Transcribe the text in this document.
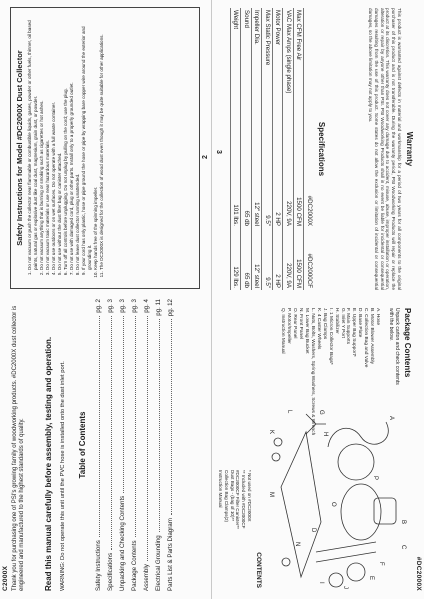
C2000X Thank you for purchasing one of PSI's growing family of woodworking products. #DC2000X dust collector is engineered and manufactured to the highest standards of quality. Read this manual carefully before assembly, testing and operation. WARNING: Do not operate this unit until the PVC hose is installed onto the dust inlet port. Table of Contents
Safety Instructions
pg. 2
Specifications
pg. 3
Unpacking and Checking Contents
pg. 3
Package Contents
pg. 3
Assembly
pg. 4
Electrical Grounding
pg. 11
Parts List & Parts Diagram
pg. 12
Safety Instructions for Model #DC2000X Dust Collector 1. Do not vacuum or push the collector near flammable or combustible liquids, gases, powder or other fuels, thinner, oil based paints, natural gas or explosive dust like coal dust, magnesium, grain dust, or powder. 2. Do not vacuum anything that is burning or smoking such as cigarettes or hot ashes. 3. Do not vacuum toxic materials or use near hazardous materials. 4. Do not use outdoors or on wet surfaces. Do not operate with a full waste container. 5. Do not use without the dust filter bag or canister attached. 6. Turn off all controls before unplugging. Do not unplug by pulling on the cord; use the plug. 7. Do not use with damaged cord, plug or other parts. Install only to a properly grounded outlet. 8. Do not leave dust collector running unattended. 9. If your cord has only plastic, hose or pipe ground the hose or pipe by wrapping bare copper wire around the exterior and grounding it. 10. Keep hands free of the spinning impeller. 11. The DC2000X is designed for the collection of wood dust even though it may be quite suitable for other applications.	2
#DC2000X
Warranty
This product is warranted against defects in material and workmanship for a period of two years for all components to the original purchaser of this product and is not transferable. During the warranty period, PSI Woodworking Products will repair or replace the product at its discretion. This warranty does not cover any damage due to accident, misuse, abuse, improper installation or operation, alteration or repair by anyone other than PSI. PSI Woodworking Products shall in no event be liable for incidental or consequential damages resulting from the use of this product. Some states do not allow the exclusion or limitation of incidental or consequential damages, so the above limitation may not apply to you.
Specifications
	#DC2000X	#DC2000CF
Max CFM Free Air	1500 CFM	1500 CFM
VAC Max Amps (single phase)	220V, 9A	220V, 9A
Motor Power	2 HP	2 HP
Max Static Pressure	9.5"	9.5"
Impeller Dia.	12" steel	12" steel
Sound	65 db	65 db
Weight	101 lbs.	129 lbs.
Package Contents
Unpack carton and check contents with the below.
A. Hose
B. Motor Blower Assembly
C. Collection Bag and Valve
D. Base Plate
E. Upper Bag Support*
F. Main Supports
G. Inlet Y Port
H. Stabilizer
I. 1 Micron Collector Bags*
J. Bag Clamps
K. 4 Caster Wheels
L. Nuts, Bolts, Washers, Spring Washers, Screws & Wrench
M. Lower Bag Bucket
N. Front Panel
O. Rear Panel
P. Motor/Impeller
Q. Instruction Manual
A
B
C
D
E
F
G
H
I
J
K
L
M
N
O
P
CONTENTS
* Not used on #DC2000X
** Included with #DC2000CF
#DC2000CF Filter Canister**
Dust Bags - (bag of 10)**
Collection Bag Clamps(2)
Instruction Manual
3
